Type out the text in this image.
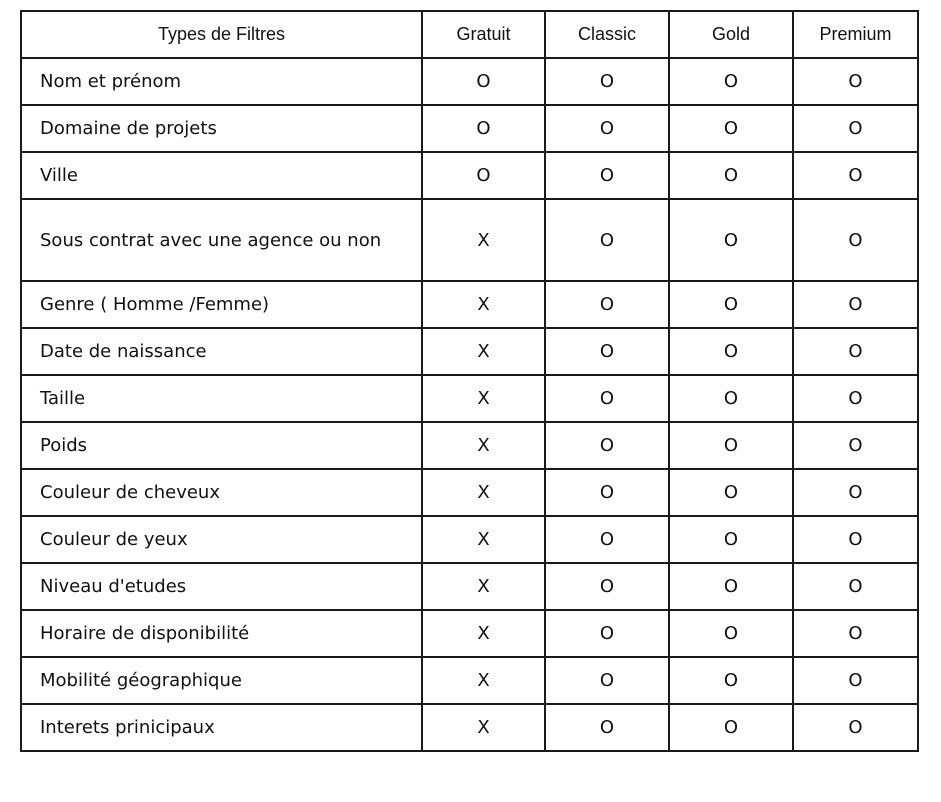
Types de Filtres	Gratuit	Classic	Gold	Premium
Nom et prénom	O	O	O	O
Domaine de projets	O	O	O	O
Ville	O	O	O	O
Sous contrat avec une agence ou non	X	O	O	O
Genre ( Homme /Femme)	X	O	O	O
Date de naissance	X	O	O	O
Taille	X	O	O	O
Poids	X	O	O	O
Couleur de cheveux	X	O	O	O
Couleur de yeux	X	O	O	O
Niveau d'etudes	X	O	O	O
Horaire de disponibilité	X	O	O	O
Mobilité géographique	X	O	O	O
Interets prinicipaux	X	O	O	O
